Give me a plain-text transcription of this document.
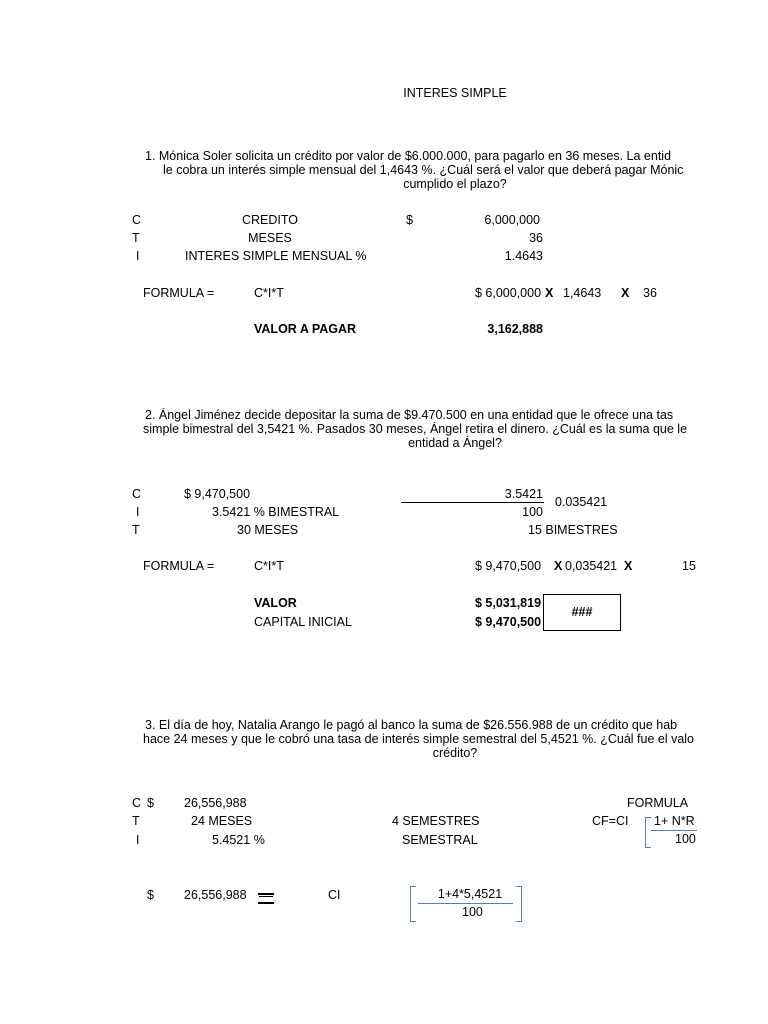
INTERES SIMPLE
1. Mónica Soler solicita un crédito por valor de $6.000.000, para pagarlo en 36 meses. La entid
le cobra un interés simple mensual del 1,4643 %. ¿Cuál será el valor que deberá pagar Mónic
cumplido el plazo?
C	CREDITO	$	6,000,000
T	MESES	36
I	INTERES SIMPLE MENSUAL %	1.4643
FORMULA =	C*I*T	$ 6,000,000 X 1,4643 X 36
VALOR A PAGAR	3,162,888
2. Ángel Jiménez decide depositar la suma de $9.470.500 en una entidad que le ofrece una tas
simple bimestral del 3,5421 %. Pasados 30 meses, Ángel retira el dinero. ¿Cuál es la suma que le
entidad a Ángel?
C	$ 9,470,500	3.5421
0.035421
I	3.5421 % BIMESTRAL	100
T	30 MESES	15 BIMESTRES
FORMULA =	C*I*T	$ 9,470,500 X 0,035421 X	15
VALOR	$ 5,031,819
CAPITAL INICIAL	$ 9,470,500
###
3. El día de hoy, Natalia Arango le pagó al banco la suma de $26.556.988 de un crédito que hab
hace 24 meses y que le cobró una tasa de interés simple semestral del 5,4521 %. ¿Cuál fue el valo
crédito?
C $ 26,556,988	FORMULA
T	24 MESES	4 SEMESTRES	CF=CI 1+ N*R
I	5.4521 %	SEMESTRAL	100
$ 26,556,988	CI	1+4*5,4521
100
